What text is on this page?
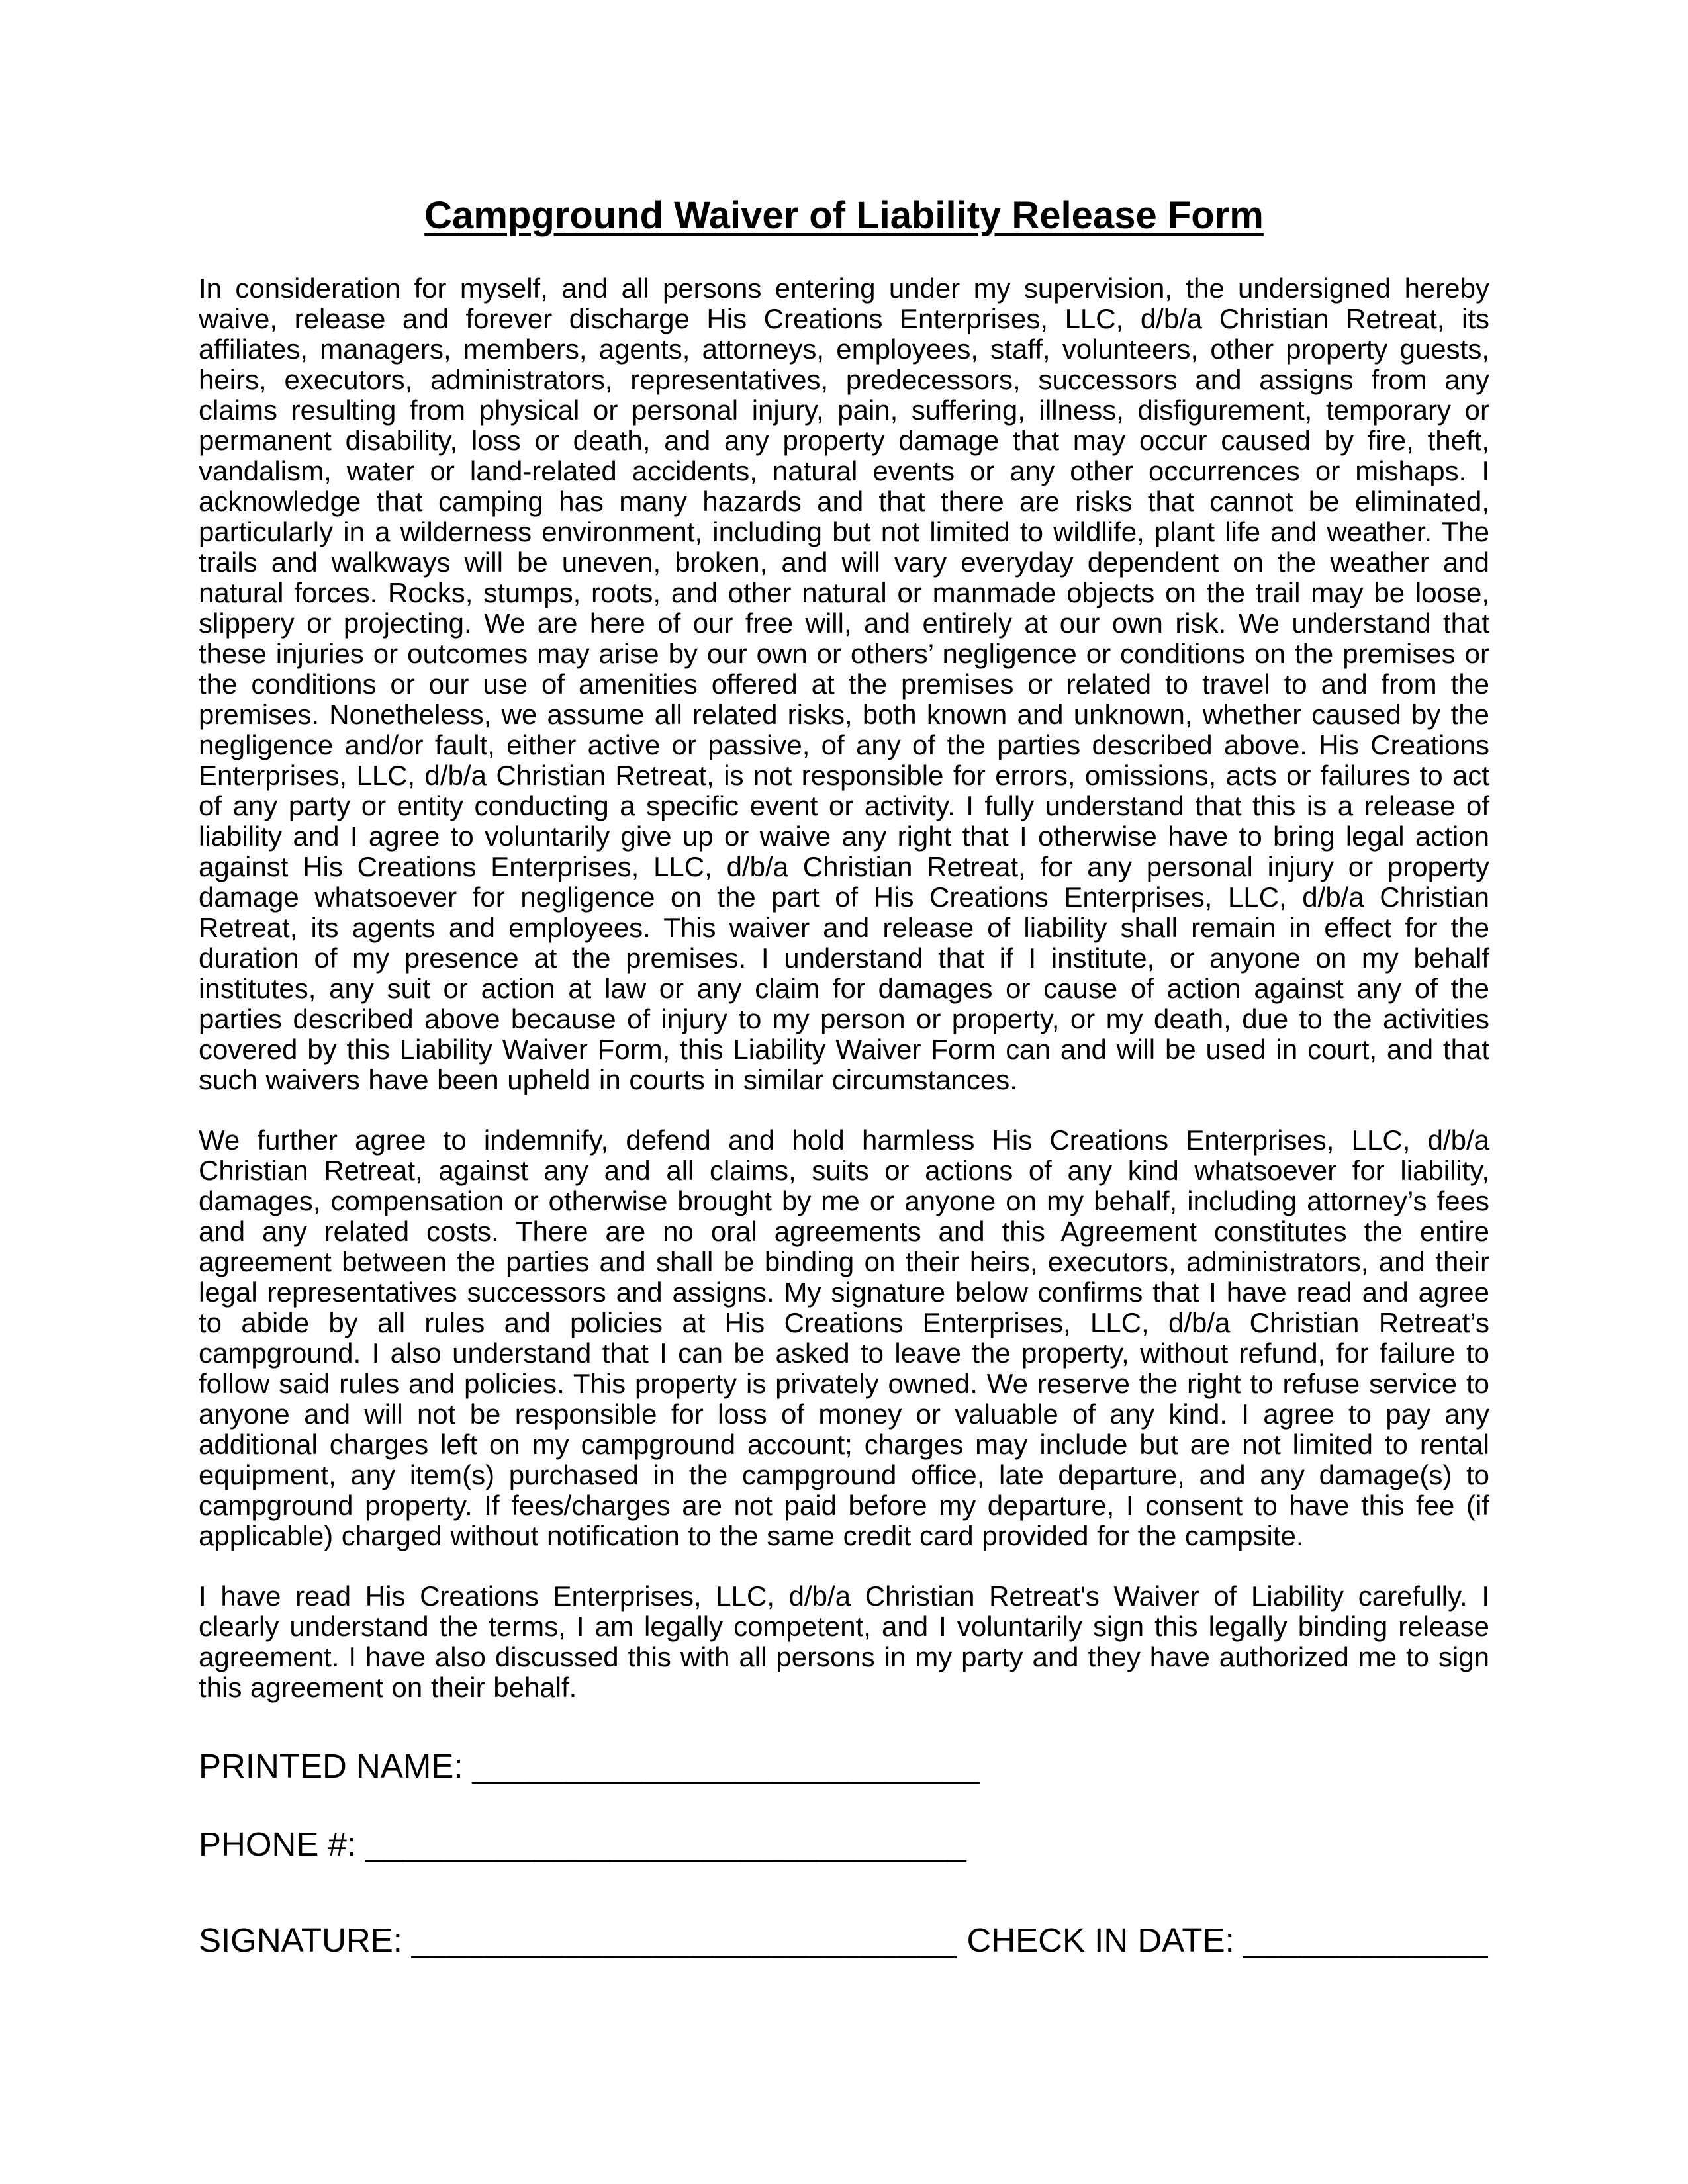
Campground Waiver of Liability Release Form

In consideration for myself, and all persons entering under my supervision, the undersigned hereby waive, release and forever discharge His Creations Enterprises, LLC, d/b/a Christian Retreat, its affiliates, managers, members, agents, attorneys, employees, staff, volunteers, other property guests, heirs, executors, administrators, representatives, predecessors, successors and assigns from any claims resulting from physical or personal injury, pain, suffering, illness, disfigurement, temporary or permanent disability, loss or death, and any property damage that may occur caused by fire, theft, vandalism, water or land-related accidents, natural events or any other occurrences or mishaps. I acknowledge that camping has many hazards and that there are risks that cannot be eliminated, particularly in a wilderness environment, including but not limited to wildlife, plant life and weather. The trails and walkways will be uneven, broken, and will vary everyday dependent on the weather and natural forces. Rocks, stumps, roots, and other natural or manmade objects on the trail may be loose, slippery or projecting. We are here of our free will, and entirely at our own risk. We understand that these injuries or outcomes may arise by our own or others’ negligence or conditions on the premises or the conditions or our use of amenities offered at the premises or related to travel to and from the premises. Nonetheless, we assume all related risks, both known and unknown, whether caused by the negligence and/or fault, either active or passive, of any of the parties described above. His Creations Enterprises, LLC, d/b/a Christian Retreat, is not responsible for errors, omissions, acts or failures to act of any party or entity conducting a specific event or activity. I fully understand that this is a release of liability and I agree to voluntarily give up or waive any right that I otherwise have to bring legal action against His Creations Enterprises, LLC, d/b/a Christian Retreat, for any personal injury or property damage whatsoever for negligence on the part of His Creations Enterprises, LLC, d/b/a Christian Retreat, its agents and employees. This waiver and release of liability shall remain in effect for the duration of my presence at the premises. I understand that if I institute, or anyone on my behalf institutes, any suit or action at law or any claim for damages or cause of action against any of the parties described above because of injury to my person or property, or my death, due to the activities covered by this Liability Waiver Form, this Liability Waiver Form can and will be used in court, and that such waivers have been upheld in courts in similar circumstances.

We further agree to indemnify, defend and hold harmless His Creations Enterprises, LLC, d/b/a Christian Retreat, against any and all claims, suits or actions of any kind whatsoever for liability, damages, compensation or otherwise brought by me or anyone on my behalf, including attorney’s fees and any related costs. There are no oral agreements and this Agreement constitutes the entire agreement between the parties and shall be binding on their heirs, executors, administrators, and their legal representatives successors and assigns. My signature below confirms that I have read and agree to abide by all rules and policies at His Creations Enterprises, LLC, d/b/a Christian Retreat’s campground. I also understand that I can be asked to leave the property, without refund, for failure to follow said rules and policies. This property is privately owned. We reserve the right to refuse service to anyone and will not be responsible for loss of money or valuable of any kind. I agree to pay any additional charges left on my campground account; charges may include but are not limited to rental equipment, any item(s) purchased in the campground office, late departure, and any damage(s) to campground property. If fees/charges are not paid before my departure, I consent to have this fee (if applicable) charged without notification to the same credit card provided for the campsite.

I have read His Creations Enterprises, LLC, d/b/a Christian Retreat's Waiver of Liability carefully. I clearly understand the terms, I am legally competent, and I voluntarily sign this legally binding release agreement. I have also discussed this with all persons in my party and they have authorized me to sign this agreement on their behalf.

PRINTED NAME: ___________________________
PHONE #: ________________________________
SIGNATURE: _____________________________ CHECK IN DATE: _____________
